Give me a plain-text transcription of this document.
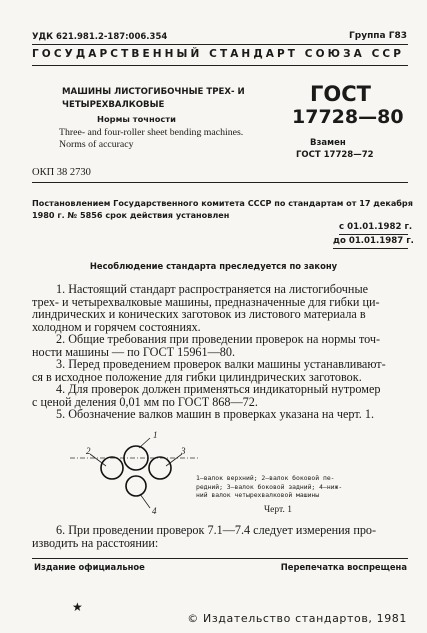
УДК 621.981.2-187:006.354	Группа Г83
ГОСУДАРСТВЕННЫЙ СТАНДАРТ СОЮЗА ССР
МАШИНЫ ЛИСТОГИБОЧНЫЕ ТРЕХ- И
ЧЕТЫРЕХВАЛКОВЫЕ
Нормы точности
Three- and four-roller sheet bending machines.
Norms of accuracy
ГОСТ
17728—80
Взамен
ГОСТ 17728—72
ОКП 38 2730
Постановлением Государственного комитета СССР по стандартам от 17 декабря
1980 г. № 5856 срок действия установлен
с 01.01.1982 г.
до 01.01.1987 г.
Несоблюдение стандарта преследуется по закону
1. Настоящий стандарт распространяется на листогибочные
трех- и четырехвалковые машины, предназначенные для гибки ци-
линдрических и конических заготовок из листового материала в
холодном и горячем состояниях.
2. Общие требования при проведении проверок на нормы точ-
ности машины — по ГОСТ 15961—80.
3. Перед проведением проверок валки машины устанавливают-
ся в исходное положение для гибки цилиндрических заготовок.
4. Для проверок должен применяться индикаторный нутромер
с ценой деления 0,01 мм по ГОСТ 868—72.
5. Обозначение валков машин в проверках указана на черт. 1.
1
2	3
4
1—валок верхний; 2—валок боковой пе-
редний; 3—валок боковой задний; 4—ниж-
ний валок четырехвалковой машины
Черт. 1
6. При проведении проверок 7.1—7.4 следует измерения про-
изводить на расстоянии:
Издание официальное	Перепечатка воспрещена
★
© Издательство стандартов, 1981
